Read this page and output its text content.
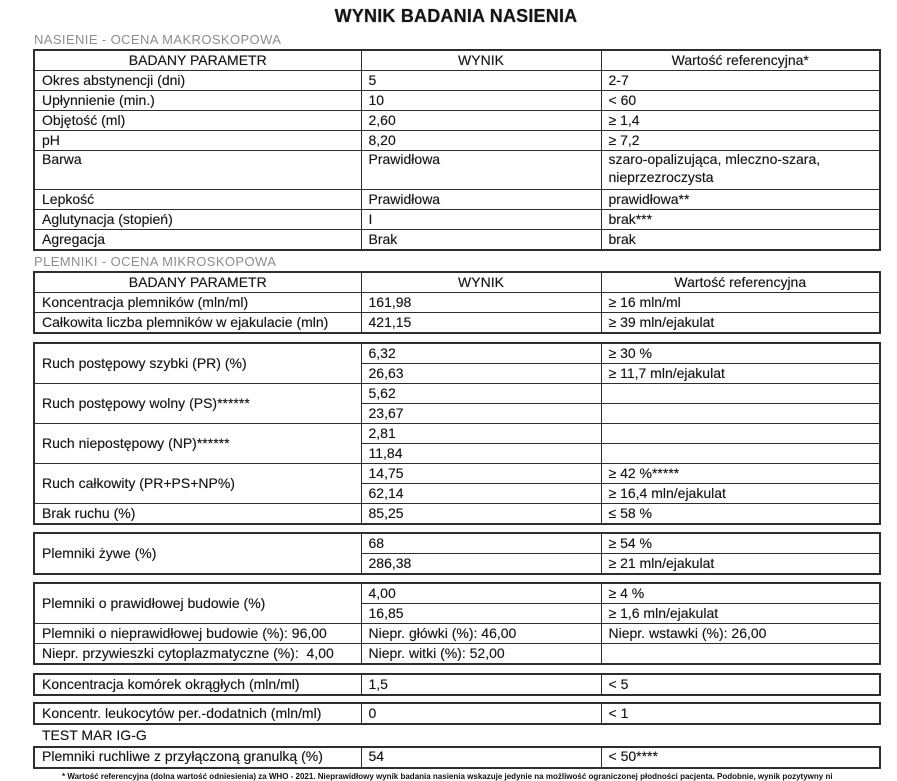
WYNIK BADANIA NASIENIA
NASIENIE - OCENA MAKROSKOPOWA
BADANY PARAMETR	WYNIK	Wartość referencyjna*
Okres abstynencji (dni)	5	2-7
Upłynnienie (min.)	10	< 60
Objętość (ml)	2,60	≥ 1,4
pH	8,20	≥ 7,2
Barwa	Prawidłowa	szaro-opalizująca, mleczno-szara, nieprzezroczysta
Lepkość	Prawidłowa	prawidłowa**
Aglutynacja (stopień)	I	brak***
Agregacja	Brak	brak
PLEMNIKI - OCENA MIKROSKOPOWA
BADANY PARAMETR	WYNIK	Wartość referencyjna
Koncentracja plemników (mln/ml)	161,98	≥ 16 mln/ml
Całkowita liczba plemników w ejakulacie (mln)	421,15	≥ 39 mln/ejakulat
Ruch postępowy szybki (PR) (%)	6,32	≥ 30 %
	26,63	≥ 11,7 mln/ejakulat
Ruch postępowy wolny (PS)******	5,62	
	23,67	
Ruch niepostępowy (NP)******	2,81	
	11,84	
Ruch całkowity (PR+PS+NP%)	14,75	≥ 42 %*****
	62,14	≥ 16,4 mln/ejakulat
Brak ruchu (%)	85,25	≤ 58 %
Plemniki żywe (%)	68	≥ 54 %
	286,38	≥ 21 mln/ejakulat
Plemniki o prawidłowej budowie (%)	4,00	≥ 4 %
	16,85	≥ 1,6 mln/ejakulat
Plemniki o nieprawidłowej budowie (%): 96,00	Niepr. główki (%): 46,00	Niepr. wstawki (%): 26,00
Niepr. przywieszki cytoplazmatyczne (%):  4,00	Niepr. witki (%): 52,00	
Koncentracja komórek okrągłych (mln/ml)	1,5	< 5
Koncentr. leukocytów per.-dodatnich (mln/ml)	0	< 1
TEST MAR IG-G
Plemniki ruchliwe z przyłączoną granulką (%)	54	< 50****
* Wartość referencyjna (dolna wartość odniesienia) za WHO - 2021. Nieprawidłowy wynik badania nasienia wskazuje jedynie na możliwość ograniczonej płodności pacjenta. Podobnie, wynik pozytywny ni
